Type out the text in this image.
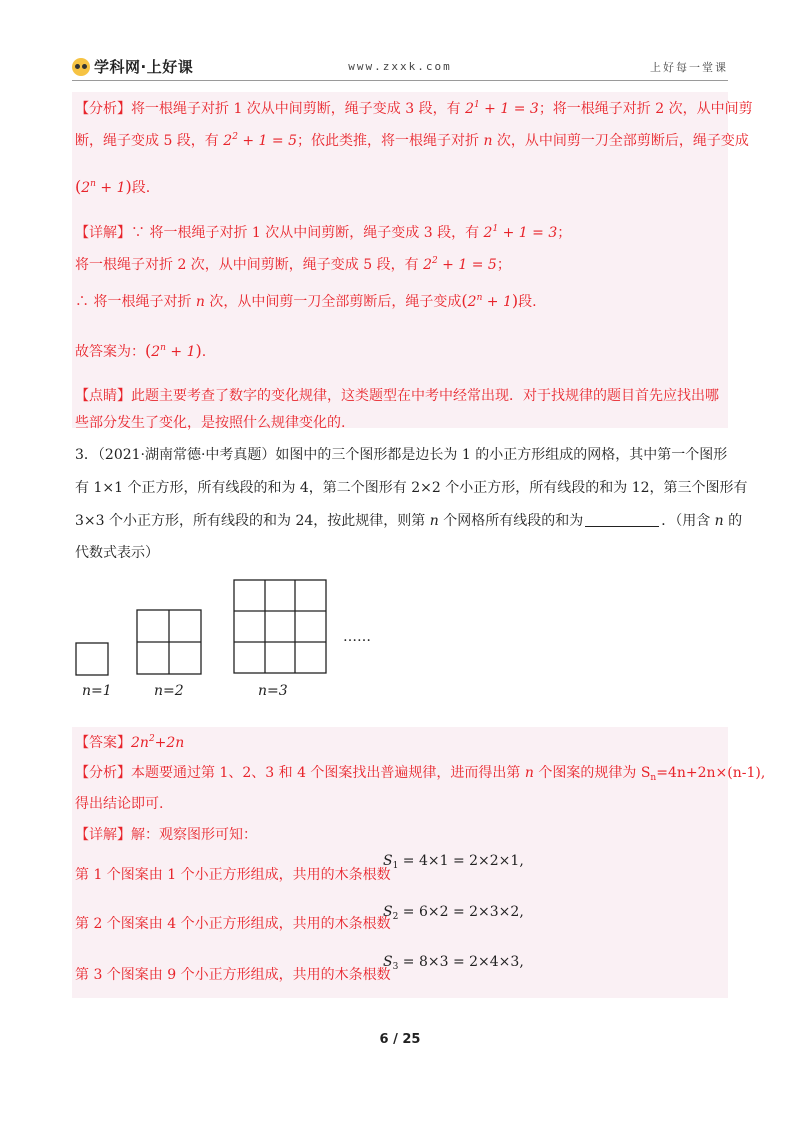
学科网·上好课	www.zxxk.com	上好每一堂课
【分析】将一根绳子对折 1 次从中间剪断，绳子变成 3 段，有 $2^1 + 1 = 3$；将一根绳子对折 2 次，从中间剪
断，绳子变成 5 段，有 $2^2 + 1 = 5$；依此类推，将一根绳子对折 n 次，从中间剪一刀全部剪断后，绳子变成
$(2^n + 1)$段.
【详解】∵ 将一根绳子对折 1 次从中间剪断，绳子变成 3 段，有 $2^1 + 1 = 3$；
将一根绳子对折 2 次，从中间剪断，绳子变成 5 段，有 $2^2 + 1 = 5$；
∴ 将一根绳子对折 n 次，从中间剪一刀全部剪断后，绳子变成$(2^n + 1)$段.
故答案为：$(2^n + 1)$.
【点睛】此题主要考查了数字的变化规律，这类题型在中考中经常出现．对于找规律的题目首先应找出哪
些部分发生了变化，是按照什么规律变化的.
3．（2021·湖南常德·中考真题）如图中的三个图形都是边长为 1 的小正方形组成的网格，其中第一个图形
有 1×1 个正方形，所有线段的和为 4，第二个图形有 2×2 个小正方形，所有线段的和为 12，第三个图形有
3×3 个小正方形，所有线段的和为 24，按此规律，则第 n 个网格所有线段的和为	．（用含 n 的
代数式表示）
n=1	n=2	n=3
……
【答案】$2n^2+2n$
【分析】本题要通过第 1、2、3 和 4 个图案找出普遍规律，进而得出第 n 个图案的规律为 $S_n=4n+2n\times(n-1)$,
得出结论即可.
【详解】解：观察图形可知：
第 1 个图案由 1 个小正方形组成，共用的木条根数
$S_1 = 4\times 1 = 2\times 2\times 1$,
第 2 个图案由 4 个小正方形组成，共用的木条根数
$S_2 = 6\times 2 = 2\times 3\times 2$,
第 3 个图案由 9 个小正方形组成，共用的木条根数
$S_3 = 8\times 3 = 2\times 4\times 3$,
6 / 25
